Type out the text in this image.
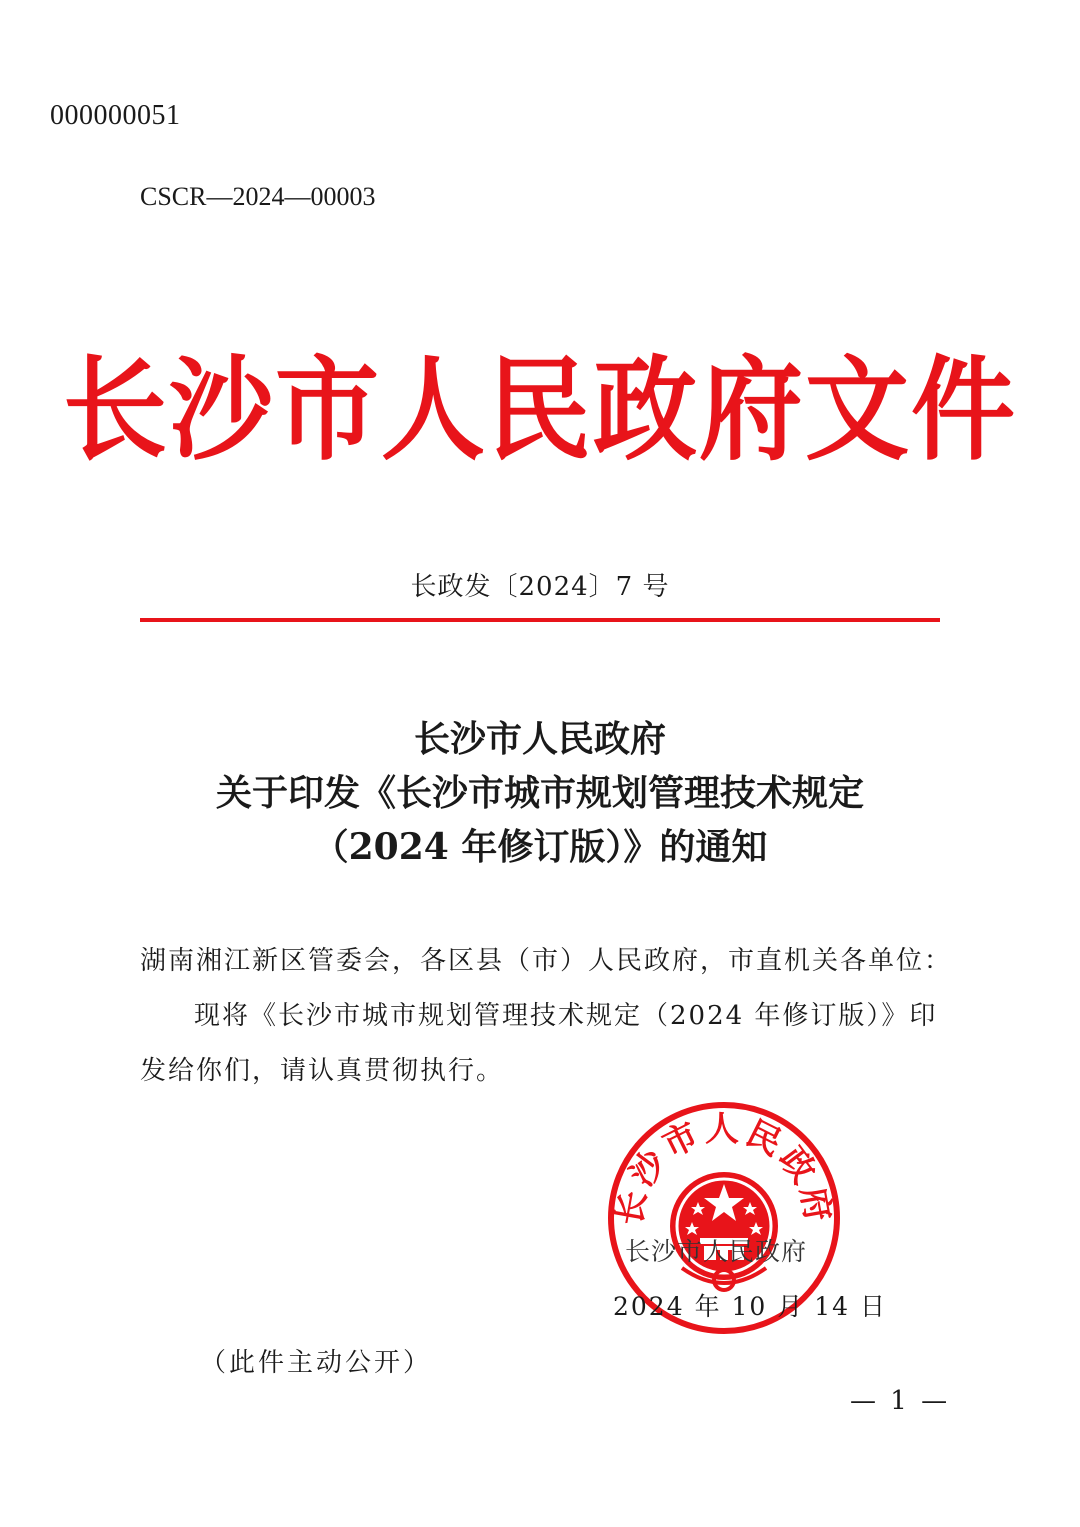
000000051
CSCR—2024—00003
长沙市人民政府文件
长政发〔2024〕7 号
长沙市人民政府
关于印发《长沙市城市规划管理技术规定
（2024 年修订版）》的通知
湖南湘江新区管委会，各区县（市）人民政府，市直机关各单位：
现将《长沙市城市规划管理技术规定（2024 年修订版）》印
发给你们，请认真贯彻执行。
长沙市人民政府
长沙市人民政府
2024 年 10 月 14 日
（此件主动公开）
— 1 —
